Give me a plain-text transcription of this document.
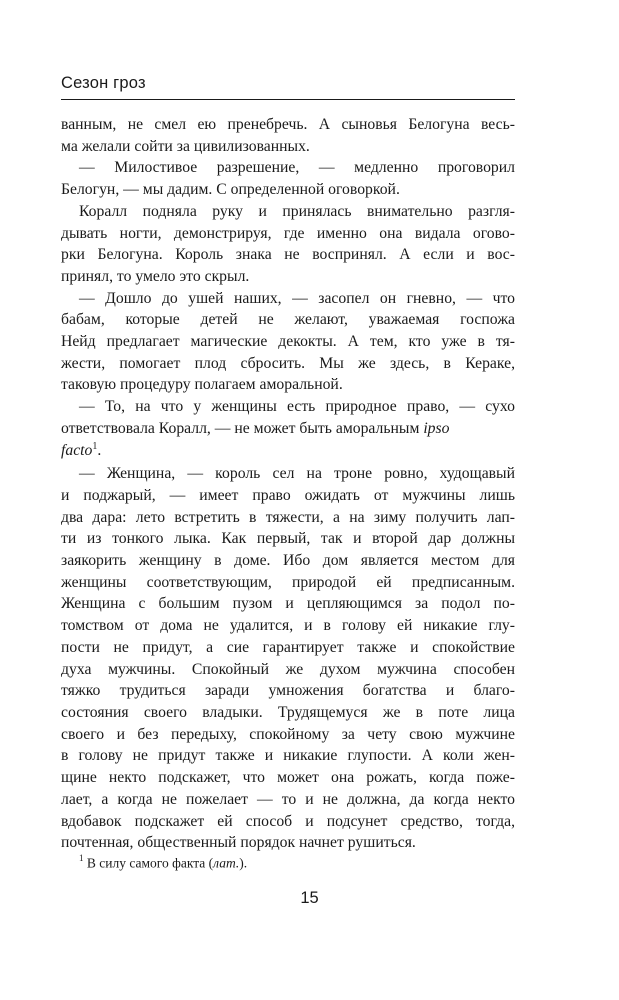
Сезон гроз
ванным, не смел ею пренебречь. А сыновья Белогуна весь-
ма желали сойти за цивилизованных.
— Милостивое разрешение, — медленно проговорил
Белогун, — мы дадим. С определенной оговоркой.
Коралл подняла руку и принялась внимательно разгля-
дывать ногти, демонстрируя, где именно она видала огово-
рки Белогуна. Король знака не воспринял. А если и вос-
принял, то умело это скрыл.
— Дошло до ушей наших, — засопел он гневно, — что
бабам, которые детей не желают, уважаемая госпожа
Нейд предлагает магические декокты. А тем, кто уже в тя-
жести, помогает плод сбросить. Мы же здесь, в Кераке,
таковую процедуру полагаем аморальной.
— То, на что у женщины есть природное право, — сухо
ответствовала Коралл, — не может быть аморальным ipso
facto$^1$.
— Женщина, — король сел на троне ровно, худощавый
и поджарый, — имеет право ожидать от мужчины лишь
два дара: лето встретить в тяжести, а на зиму получить лап-
ти из тонкого лыка. Как первый, так и второй дар должны
заякорить женщину в доме. Ибо дом является местом для
женщины соответствующим, природой ей предписанным.
Женщина с большим пузом и цепляющимся за подол по-
томством от дома не удалится, и в голову ей никакие глу-
пости не придут, а сие гарантирует также и спокойствие
духа мужчины. Спокойный же духом мужчина способен
тяжко трудиться заради умножения богатства и благо-
состояния своего владыки. Трудящемуся же в поте лица
своего и без передыху, спокойному за чету свою мужчине
в голову не придут также и никакие глупости. А коли жен-
щине некто подскажет, что может она рожать, когда поже-
лает, а когда не пожелает — то и не должна, да когда некто
вдобавок подскажет ей способ и подсунет средство, тогда,
почтенная, общественный порядок начнет рушиться.
$^1$ В силу самого факта (лат.).
15
